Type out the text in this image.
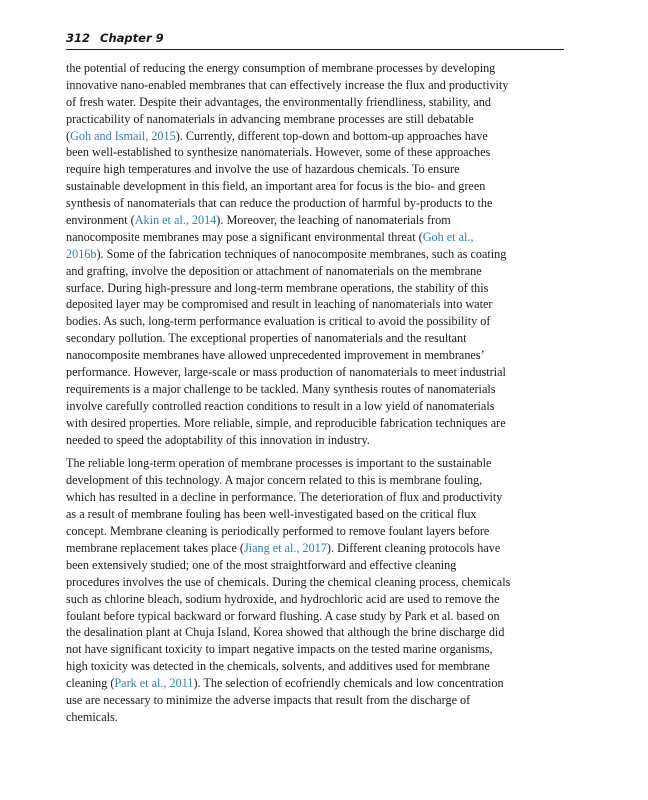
312 Chapter 9
the potential of reducing the energy consumption of membrane processes by developing
innovative nano-enabled membranes that can effectively increase the flux and productivity
of fresh water. Despite their advantages, the environmentally friendliness, stability, and
practicability of nanomaterials in advancing membrane processes are still debatable
(Goh and Ismail, 2015). Currently, different top-down and bottom-up approaches have
been well-established to synthesize nanomaterials. However, some of these approaches
require high temperatures and involve the use of hazardous chemicals. To ensure
sustainable development in this field, an important area for focus is the bio- and green
synthesis of nanomaterials that can reduce the production of harmful by-products to the
environment (Akin et al., 2014). Moreover, the leaching of nanomaterials from
nanocomposite membranes may pose a significant environmental threat (Goh et al.,
2016b). Some of the fabrication techniques of nanocomposite membranes, such as coating
and grafting, involve the deposition or attachment of nanomaterials on the membrane
surface. During high-pressure and long-term membrane operations, the stability of this
deposited layer may be compromised and result in leaching of nanomaterials into water
bodies. As such, long-term performance evaluation is critical to avoid the possibility of
secondary pollution. The exceptional properties of nanomaterials and the resultant
nanocomposite membranes have allowed unprecedented improvement in membranes’
performance. However, large-scale or mass production of nanomaterials to meet industrial
requirements is a major challenge to be tackled. Many synthesis routes of nanomaterials
involve carefully controlled reaction conditions to result in a low yield of nanomaterials
with desired properties. More reliable, simple, and reproducible fabrication techniques are
needed to speed the adoptability of this innovation in industry.
The reliable long-term operation of membrane processes is important to the sustainable
development of this technology. A major concern related to this is membrane fouling,
which has resulted in a decline in performance. The deterioration of flux and productivity
as a result of membrane fouling has been well-investigated based on the critical flux
concept. Membrane cleaning is periodically performed to remove foulant layers before
membrane replacement takes place (Jiang et al., 2017). Different cleaning protocols have
been extensively studied; one of the most straightforward and effective cleaning
procedures involves the use of chemicals. During the chemical cleaning process, chemicals
such as chlorine bleach, sodium hydroxide, and hydrochloric acid are used to remove the
foulant before typical backward or forward flushing. A case study by Park et al. based on
the desalination plant at Chuja Island, Korea showed that although the brine discharge did
not have significant toxicity to impart negative impacts on the tested marine organisms,
high toxicity was detected in the chemicals, solvents, and additives used for membrane
cleaning (Park et al., 2011). The selection of ecofriendly chemicals and low concentration
use are necessary to minimize the adverse impacts that result from the discharge of
chemicals.
